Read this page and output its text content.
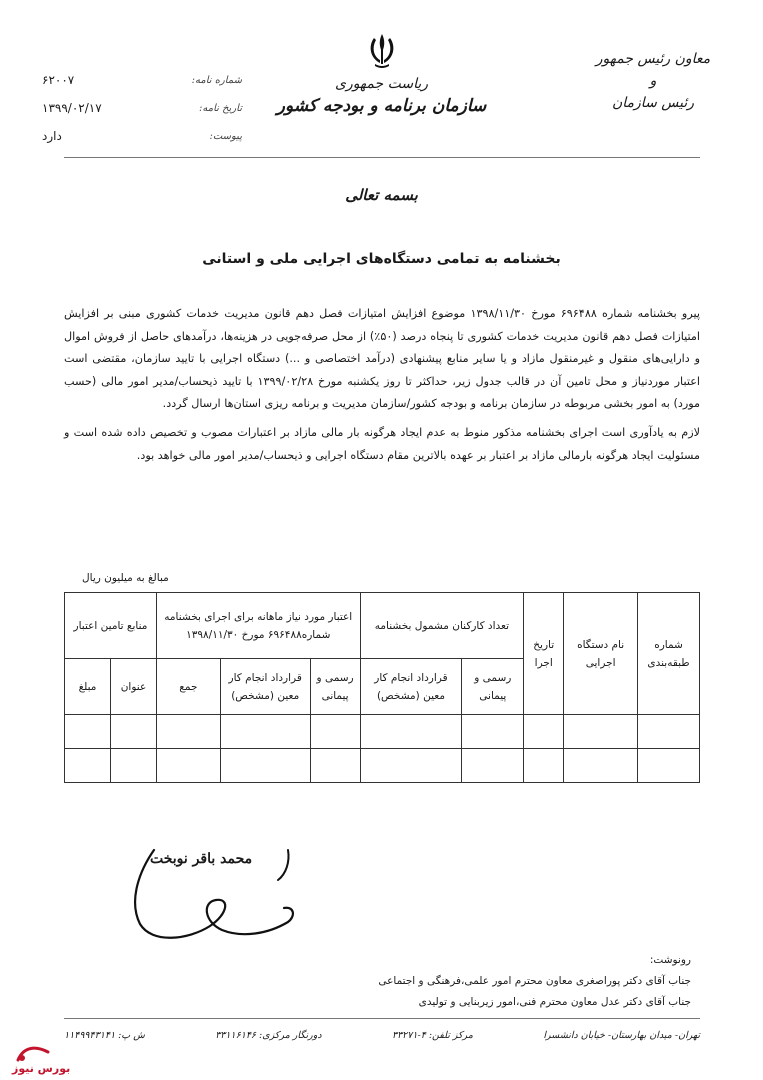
معاون رئیس جمهور
و
رئیس سازمان
ریاست جمهوری
سازمان برنامه و بودجه کشور
شماره نامه:
۶۲۰۰۷
تاریخ نامه:
۱۳۹۹/۰۲/۱۷
پیوست:
دارد
بسمه تعالی
بخشنامه به تمامی دستگاه‌های اجرایی ملی و استانی

پیرو بخشنامه شماره ۶۹۶۴۸۸ مورخ ۱۳۹۸/۱۱/۳۰ موضوع افزایش امتیازات فصل دهم قانون مدیریت خدمات کشوری مبنی بر افزایش امتیازات فصل دهم قانون مدیریت خدمات کشوری تا پنجاه درصد (۵۰٪) از محل صرفه‌جویی در هزینه‌ها، درآمدهای حاصل از فروش اموال و دارایی‌های منقول و غیرمنقول مازاد و یا سایر منابع پیشنهادی (درآمد اختصاصی و ...) دستگاه اجرایی با تایید سازمان، مقتضی است اعتبار موردنیاز و محل تامین آن در قالب جدول زیر، حداکثر تا روز یکشنبه مورخ ۱۳۹۹/۰۲/۲۸ با تایید ذیحساب/مدیر امور مالی (حسب مورد) به امور بخشی مربوطه در سازمان برنامه و بودجه کشور/سازمان مدیریت و برنامه ریزی استان‌ها ارسال گردد.

لازم به یادآوری است اجرای بخشنامه مذکور منوط به عدم ایجاد هرگونه بار مالی مازاد بر اعتبارات مصوب و تخصیص داده شده است و مسئولیت ایجاد هرگونه بارمالی مازاد بر اعتبار بر عهده بالاترین مقام دستگاه اجرایی و ذیحساب/مدیر امور مالی خواهد بود.

مبالغ به میلیون ریال
شماره طبقه‌بندی	نام دستگاه اجرایی	تاریخ اجرا	تعداد کارکنان مشمول بخشنامه		اعتبار مورد نیاز ماهانه برای اجرای بخشنامه شماره۶۹۶۴۸۸ مورخ ۱۳۹۸/۱۱/۳۰			منابع تامین اعتبار	
			رسمی و پیمانی	قرارداد انجام کار معین (مشخص)	رسمی و پیمانی	قرارداد انجام کار معین (مشخص)	جمع	عنوان	مبلغ

محمد باقر نوبخت
رونوشت:
جناب آقای دکتر پوراصغری معاون محترم امور علمی،فرهنگی و اجتماعی
جناب آقای دکتر عدل معاون محترم فنی،امور زیربنایی و تولیدی
تهران- میدان بهارستان- خیابان دانشسرا
مرکز تلفن: ۴-۳۳۲۷۱
دورنگار مرکزی: ۳۳۱۱۶۱۴۶
ش پ: ۱۱۴۹۹۴۳۱۴۱
بورس نیوز
